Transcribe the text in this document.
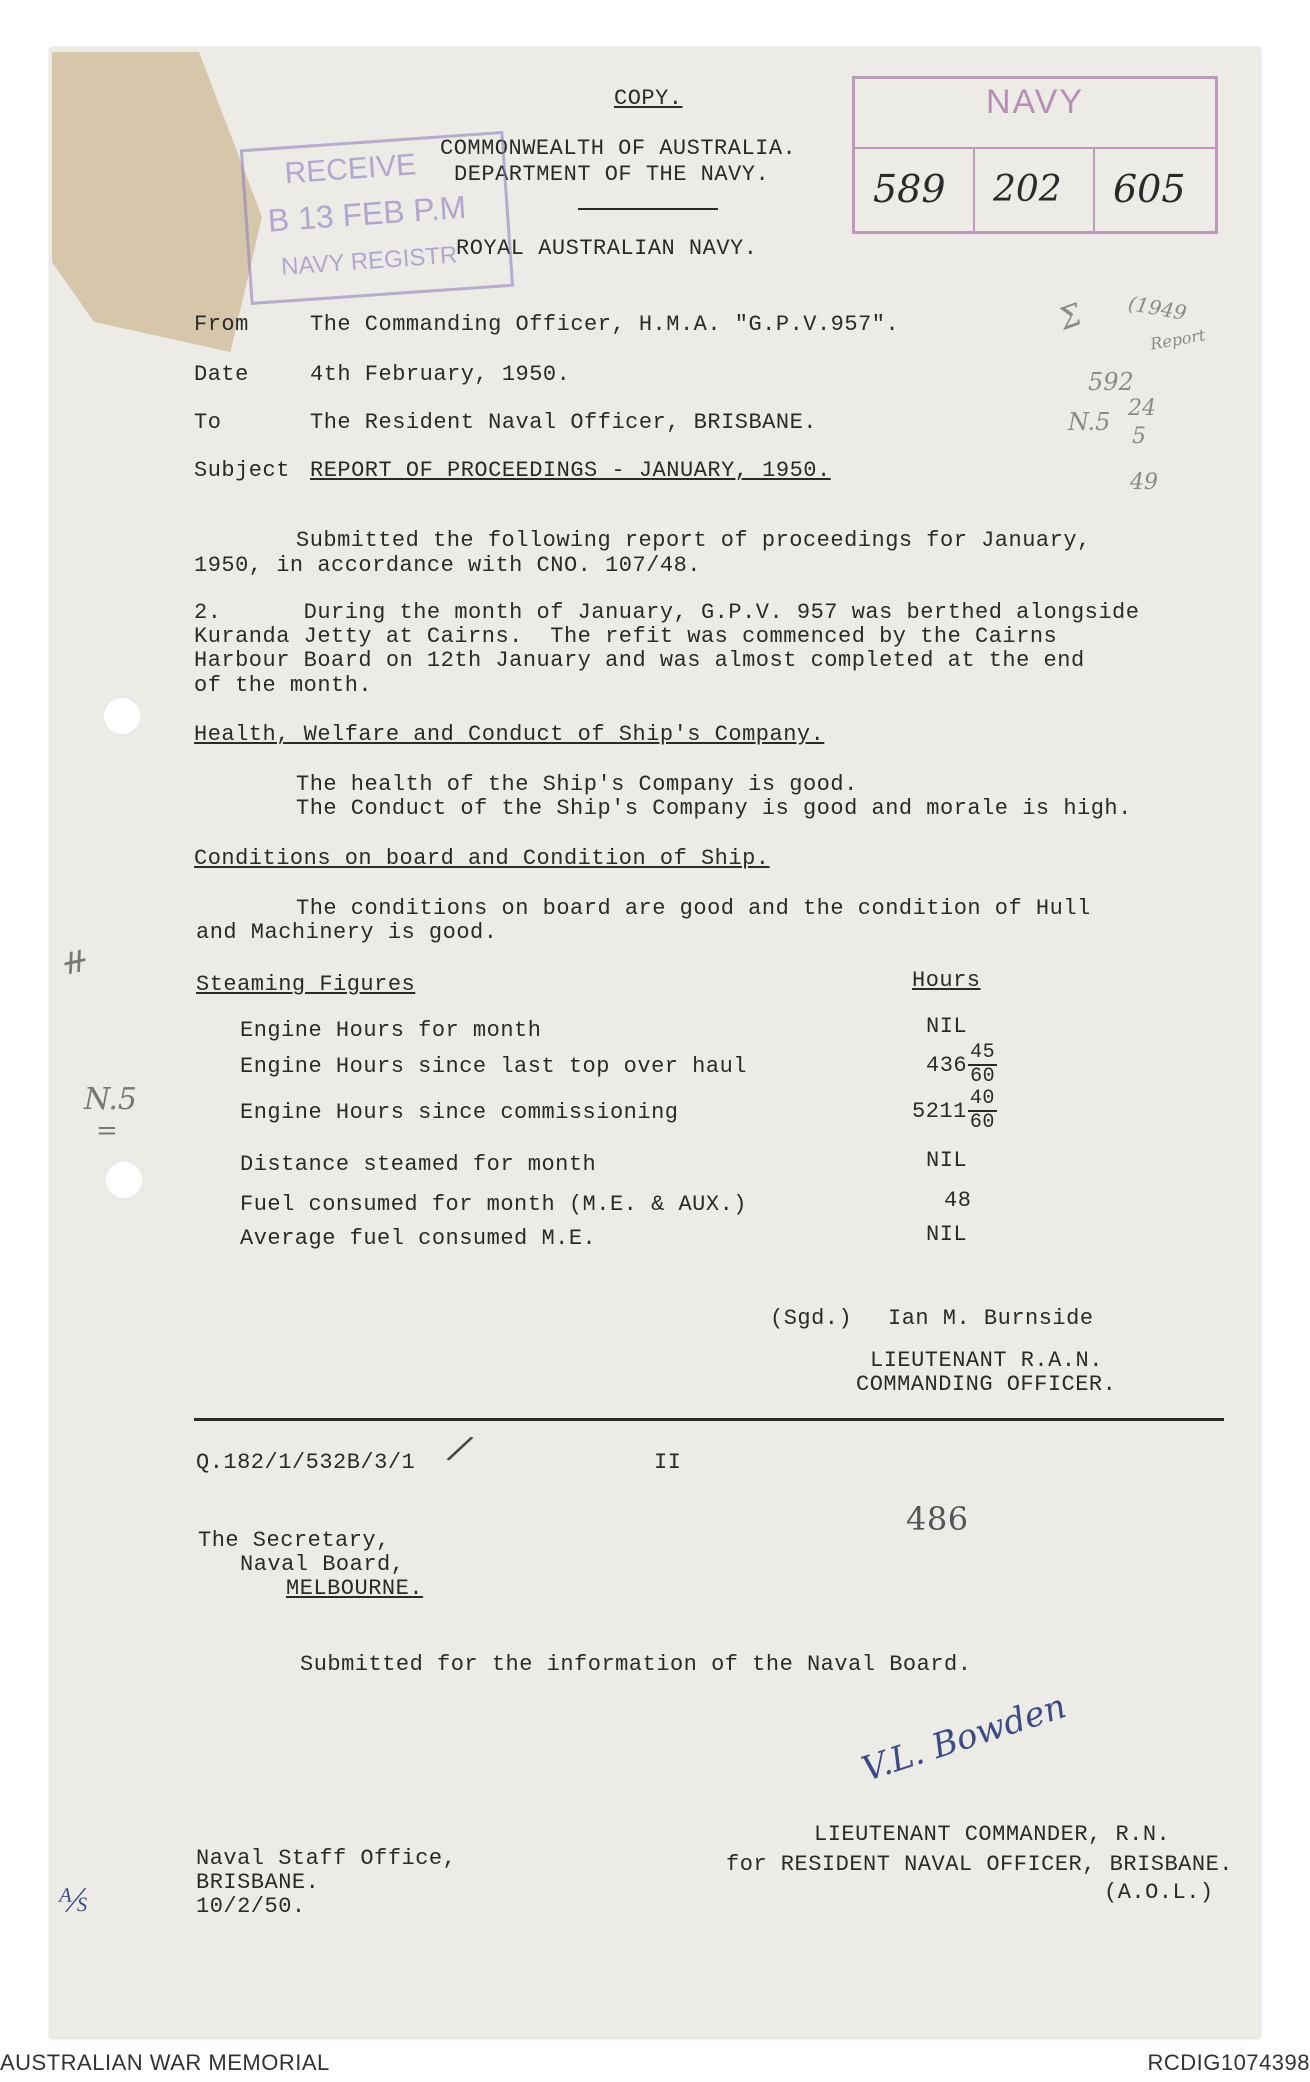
COPY.
COMMONWEALTH OF AUSTRALIA.
DEPARTMENT OF THE NAVY.
ROYAL AUSTRALIAN NAVY.
RECEIVE
B 13 FEB P.M
NAVY REGISTR
NAVY
589 202 605
Ʃ (1949
Report
592
N.5 24
5
49
From	The Commanding Officer, H.M.A. "G.P.V.957".
Date	4th February, 1950.
To	The Resident Naval Officer, BRISBANE.
Subject REPORT OF PROCEEDINGS - JANUARY, 1950.
Submitted the following report of proceedings for January,
1950, in accordance with CNO. 107/48.
2.      During the month of January, G.P.V. 957 was berthed alongside
Kuranda Jetty at Cairns.  The refit was commenced by the Cairns
Harbour Board on 12th January and was almost completed at the end
of the month.
Health, Welfare and Conduct of Ship's Company.
The health of the Ship's Company is good.
The Conduct of the Ship's Company is good and morale is high.
Conditions on board and Condition of Ship.
The conditions on board are good and the condition of Hull
and Machinery is good.
⧺
N.5
=
Steaming Figures	Hours
Engine Hours for month	NIL
Engine Hours since last top over haul	$436 \frac{45}{60}$
Engine Hours since commissioning	$5211 \frac{40}{60}$
Distance steamed for month	NIL
Fuel consumed for month (M.E. & AUX.)	48
Average fuel consumed M.E.	NIL
(Sgd.) Ian M. Burnside
LIEUTENANT R.A.N.
COMMANDING OFFICER.
Q.182/1/532B/3/1 /	II
486
The Secretary,
Naval Board,
MELBOURNE.
Submitted for the information of the Naval Board.
V.L. Bowden
LIEUTENANT COMMANDER, R.N.
for RESIDENT NAVAL OFFICER, BRISBANE.
(A.O.L.)
Naval Staff Office,
BRISBANE.
10/2/50.
⅍
AUSTRALIAN WAR MEMORIAL	RCDIG1074398
